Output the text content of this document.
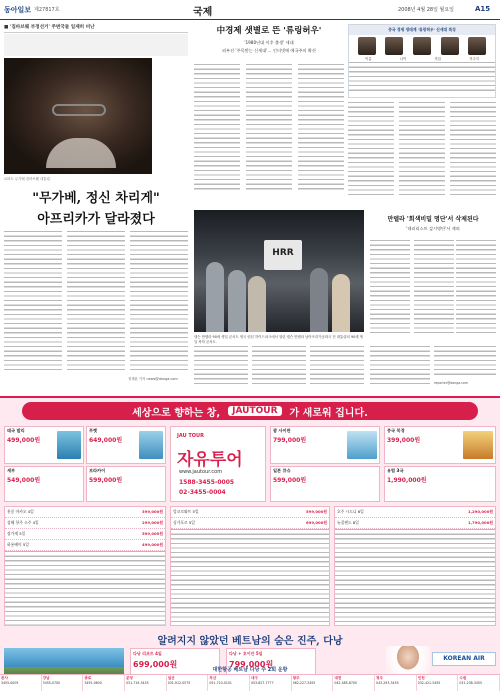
동아일보 제27817호	국제	2008년 4월 28일 월요일	A15
■ '집바브웨 부정선거' 주변국들 일제히 비난
로버트 무가베 짐바브웨 대통령.
"무가베, 정신 차리게"
아프리카가 달라졌다
정재윤 기자 news@donga.com
中경제 샛별로 뜬 '류링허우'
'1980년대 이후 출생' 세대
외부선 '주목받는 신세대'… 인터넷에 애국주의 확산
중국 경제 생태계 '류링허우' 신세대 특징
이름	나이	직업	거주지
HRR
넬슨 만델라 90세 생일 콘서트 영국 런던 하이드파크에서 열린 넬슨 만델라 남아프리카공화국 전 대통령의 90세 생일 축하 콘서트.
만델라 '회색비밀 명단'서 삭제된다
'테러리스트 감시명단'서 제외
reporter@donga.com
세상으로 향하는 창,	JAUTOUR	가 새로워 집니다.
태국 발리
499,000원
푸껫
649,000원
세부
549,000원
보라카이
599,000원
JAU TOUR
자유투어
www.jautour.com
1588-3455-0005
02-3455-0004
괌 사이판
799,000원
중국 북경
399,000원
일본 큐슈
599,000원
유럽 3국
1,990,000원
홍콩 마카오 4일	399,000원
상해 항주 소주 4일	299,000원
장가계 5일	599,000원
하롱베이 5일	499,000원
앙코르와트 5일	599,000원
싱가포르 5일	699,000원
호주 시드니 6일	1,290,000원
뉴질랜드 8일	1,790,000원
알려지지 않았던 베트남의 숨은 진주, 다낭
다낭 리조트 4일
699,000원
다낭 + 호이안 5일
799,000원
KOREAN AIR
본사
3455-0005
강남
3455-0700
종로
3455-0600
분당
031-719-3435
일산
031-912-0575
부산
051-710-0101
대구
053-627-7777
광주
062-227-3455
대전
042-485-8700
청주
043-293-3455
인천
032-421-3455
수원
031-238-3455
대한항공 베트남 다낭 주 2회 운항
